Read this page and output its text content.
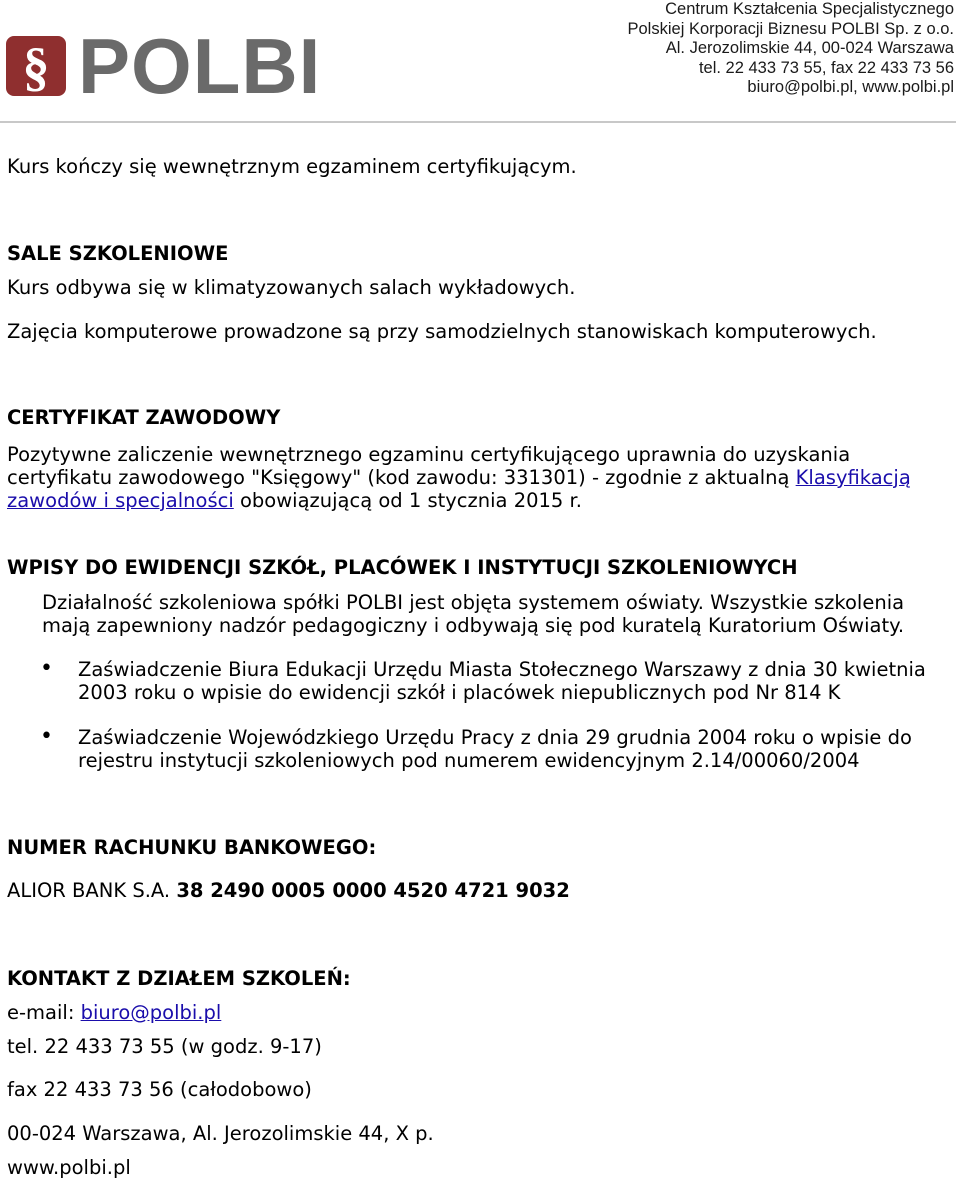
§ POLBI
Centrum Kształcenia Specjalistycznego
Polskiej Korporacji Biznesu POLBI Sp. z o.o.
Al. Jerozolimskie 44, 00-024 Warszawa
tel. 22 433 73 55, fax 22 433 73 56
biuro@polbi.pl, www.polbi.pl
Kurs kończy się wewnętrznym egzaminem certyfikującym.
SALE SZKOLENIOWE
Kurs odbywa się w klimatyzowanych salach wykładowych.
Zajęcia komputerowe prowadzone są przy samodzielnych stanowiskach komputerowych.
CERTYFIKAT ZAWODOWY
Pozytywne zaliczenie wewnętrznego egzaminu certyfikującego uprawnia do uzyskania
certyfikatu zawodowego "Księgowy" (kod zawodu: 331301) - zgodnie z aktualną Klasyfikacją
zawodów i specjalności obowiązującą od 1 stycznia 2015 r.
WPISY DO EWIDENCJI SZKÓŁ, PLACÓWEK I INSTYTUCJI SZKOLENIOWYCH
Działalność szkoleniowa spółki POLBI jest objęta systemem oświaty. Wszystkie szkolenia
mają zapewniony nadzór pedagogiczny i odbywają się pod kuratelą Kuratorium Oświaty.
• Zaświadczenie Biura Edukacji Urzędu Miasta Stołecznego Warszawy z dnia 30 kwietnia
2003 roku o wpisie do ewidencji szkół i placówek niepublicznych pod Nr 814 K
• Zaświadczenie Wojewódzkiego Urzędu Pracy z dnia 29 grudnia 2004 roku o wpisie do
rejestru instytucji szkoleniowych pod numerem ewidencyjnym 2.14/00060/2004
NUMER RACHUNKU BANKOWEGO:
ALIOR BANK S.A. 38 2490 0005 0000 4520 4721 9032
KONTAKT Z DZIAŁEM SZKOLEŃ:
e-mail: biuro@polbi.pl
tel. 22 433 73 55 (w godz. 9-17)
fax 22 433 73 56 (całodobowo)
00-024 Warszawa, Al. Jerozolimskie 44, X p.
www.polbi.pl
